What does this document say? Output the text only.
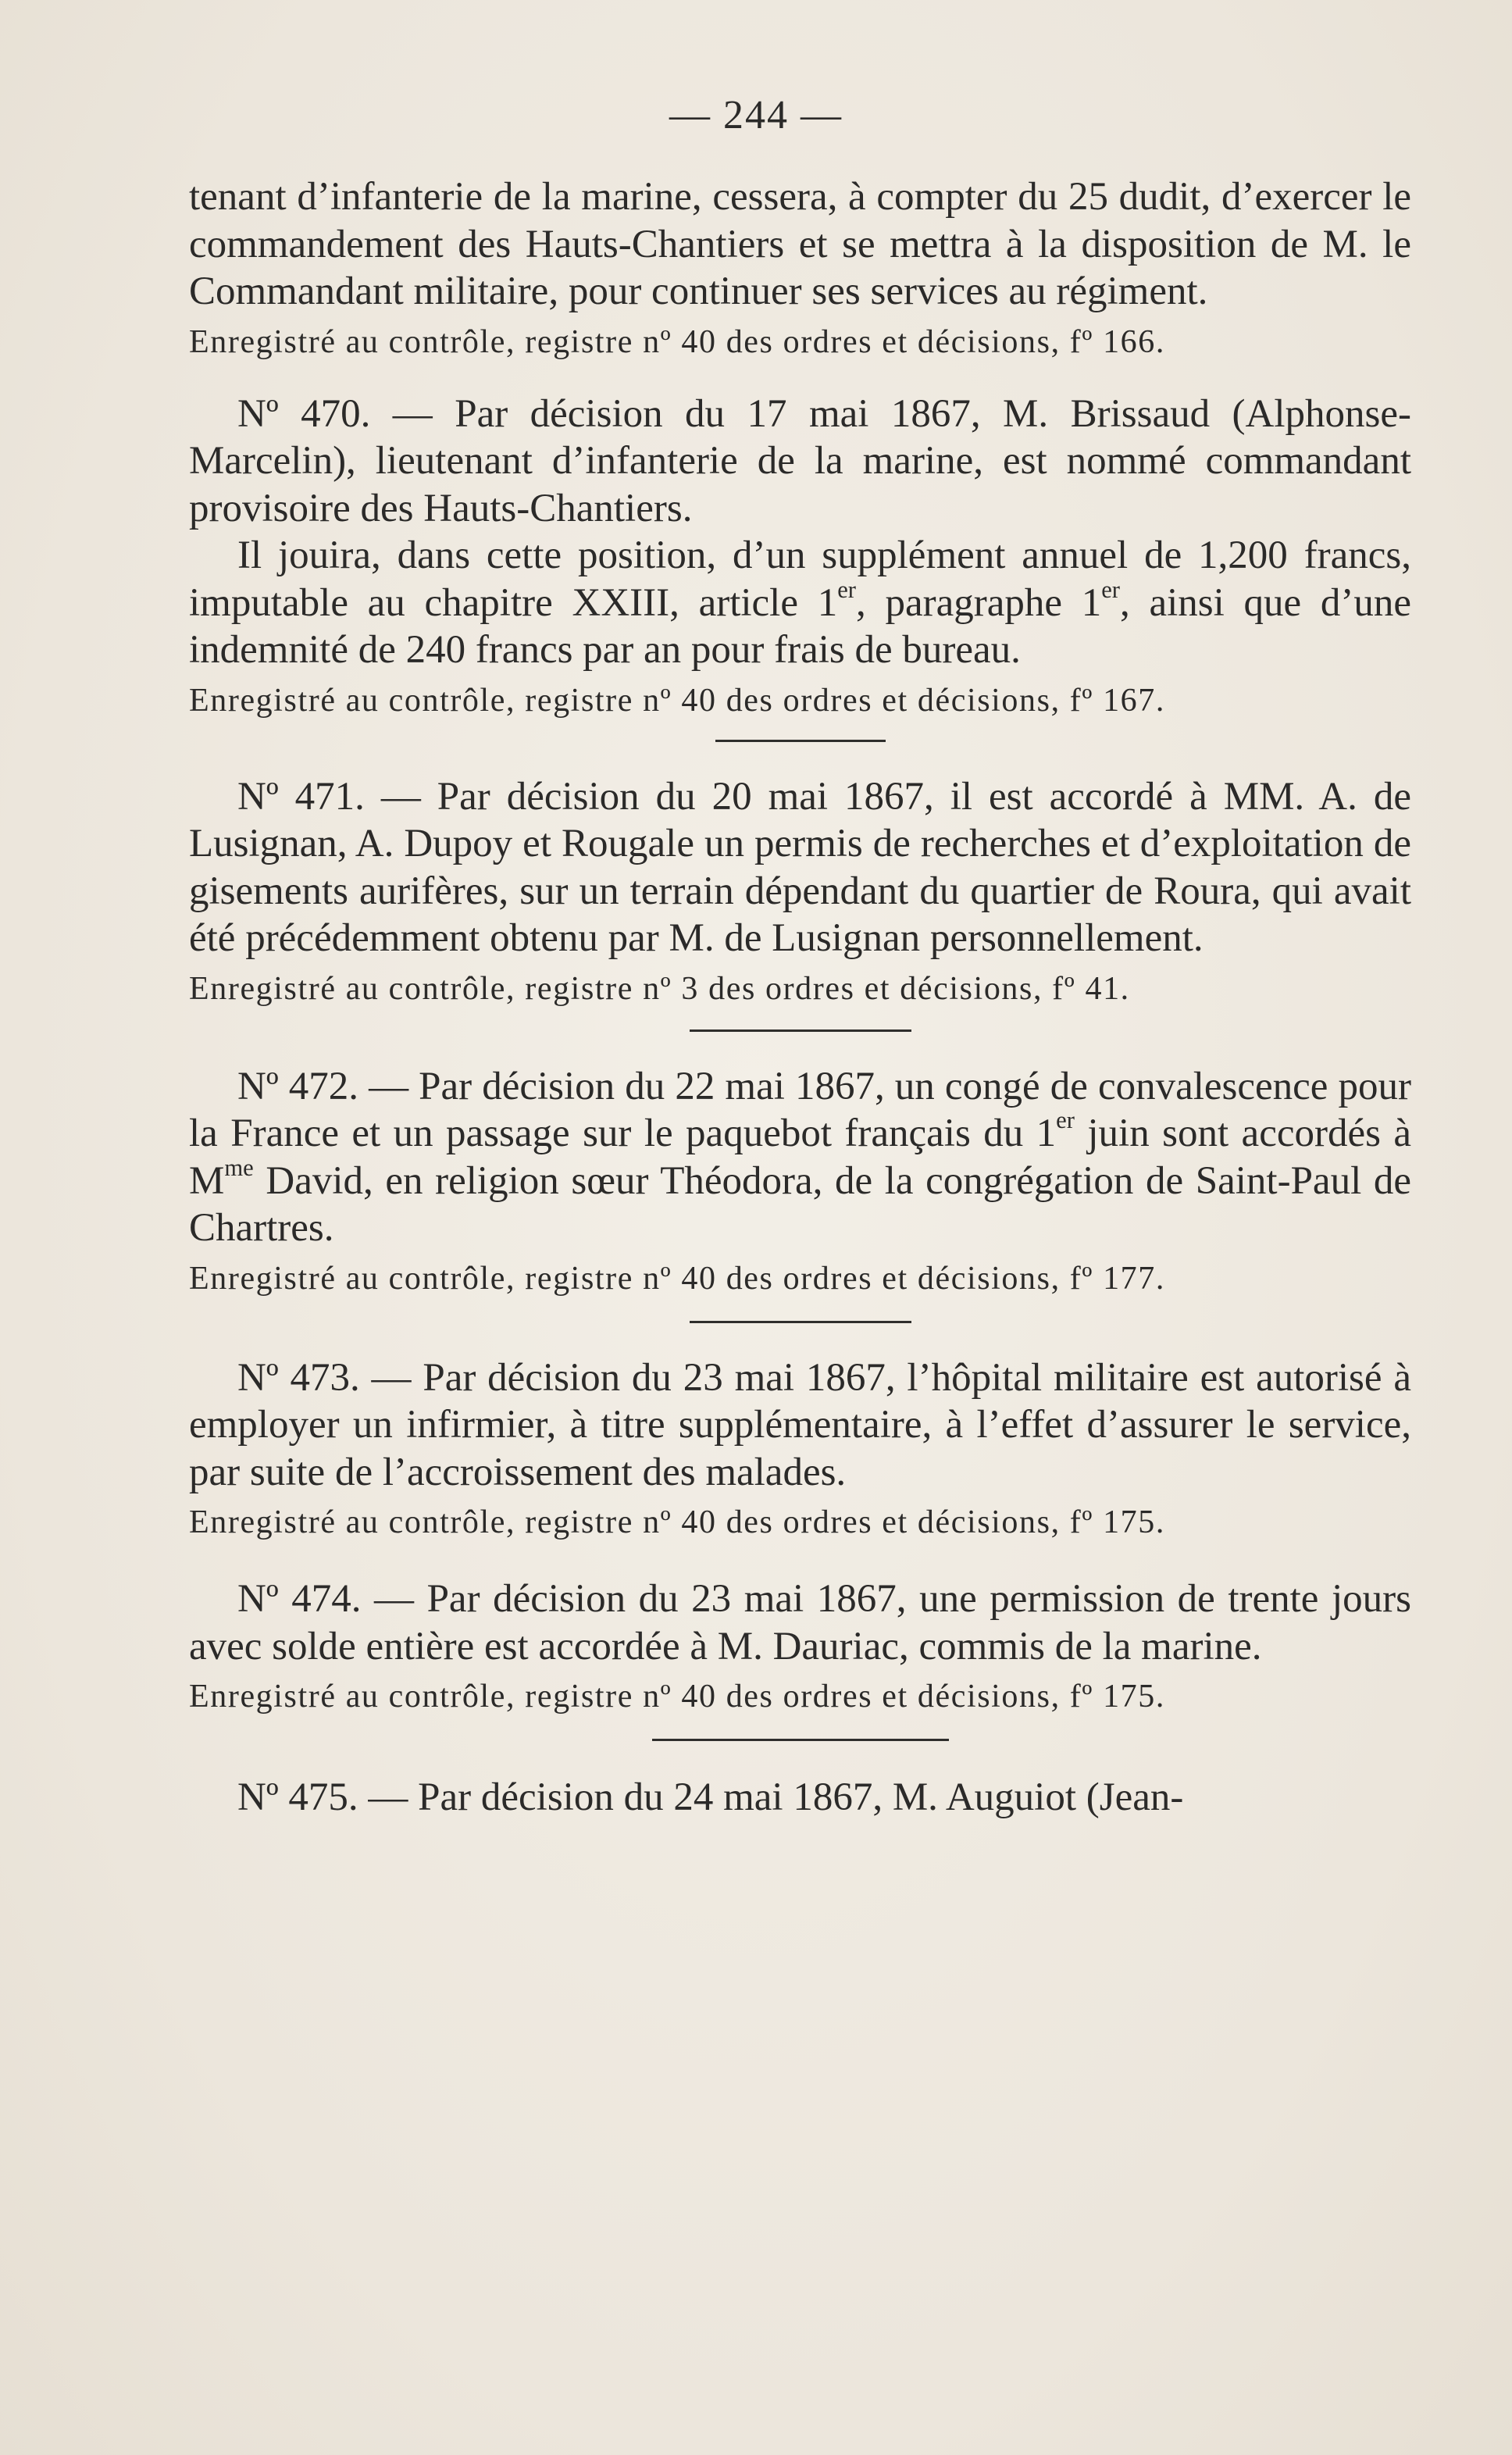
— 244 —

tenant d’infanterie de la marine, cessera, à compter du 25 dudit, d’exercer le commandement des Hauts-Chantiers et se mettra à la disposition de M. le Commandant militaire, pour continuer ses services au régiment.

Enregistré au contrôle, registre nº 40 des ordres et décisions, fº 166.

Nº 470. — Par décision du 17 mai 1867, M. Brissaud (Alphonse-Marcelin), lieutenant d’infanterie de la marine, est nommé commandant provisoire des Hauts-Chantiers.

Il jouira, dans cette position, d’un supplément annuel de 1,200 francs, imputable au chapitre XXIII, article 1er, paragraphe 1er, ainsi que d’une indemnité de 240 francs par an pour frais de bureau.

Enregistré au contrôle, registre nº 40 des ordres et décisions, fº 167.

Nº 471. — Par décision du 20 mai 1867, il est accordé à MM. A. de Lusignan, A. Dupoy et Rougale un permis de recherches et d’exploitation de gisements aurifères, sur un terrain dépendant du quartier de Roura, qui avait été précédemment obtenu par M. de Lusignan personnellement.

Enregistré au contrôle, registre nº 3 des ordres et décisions, fº 41.

Nº 472. — Par décision du 22 mai 1867, un congé de convalescence pour la France et un passage sur le paquebot français du 1er juin sont accordés à $M^{me}$ David, en religion sœur Théodora, de la congrégation de Saint-Paul de Chartres.

Enregistré au contrôle, registre nº 40 des ordres et décisions, fº 177.

Nº 473. — Par décision du 23 mai 1867, l’hôpital militaire est autorisé à employer un infirmier, à titre supplémentaire, à l’effet d’assurer le service, par suite de l’accroissement des malades.

Enregistré au contrôle, registre nº 40 des ordres et décisions, fº 175.

Nº 474. — Par décision du 23 mai 1867, une permission de trente jours avec solde entière est accordée à M. Dauriac, commis de la marine.

Enregistré au contrôle, registre nº 40 des ordres et décisions, fº 175.

Nº 475. — Par décision du 24 mai 1867, M. Auguiot (Jean-
